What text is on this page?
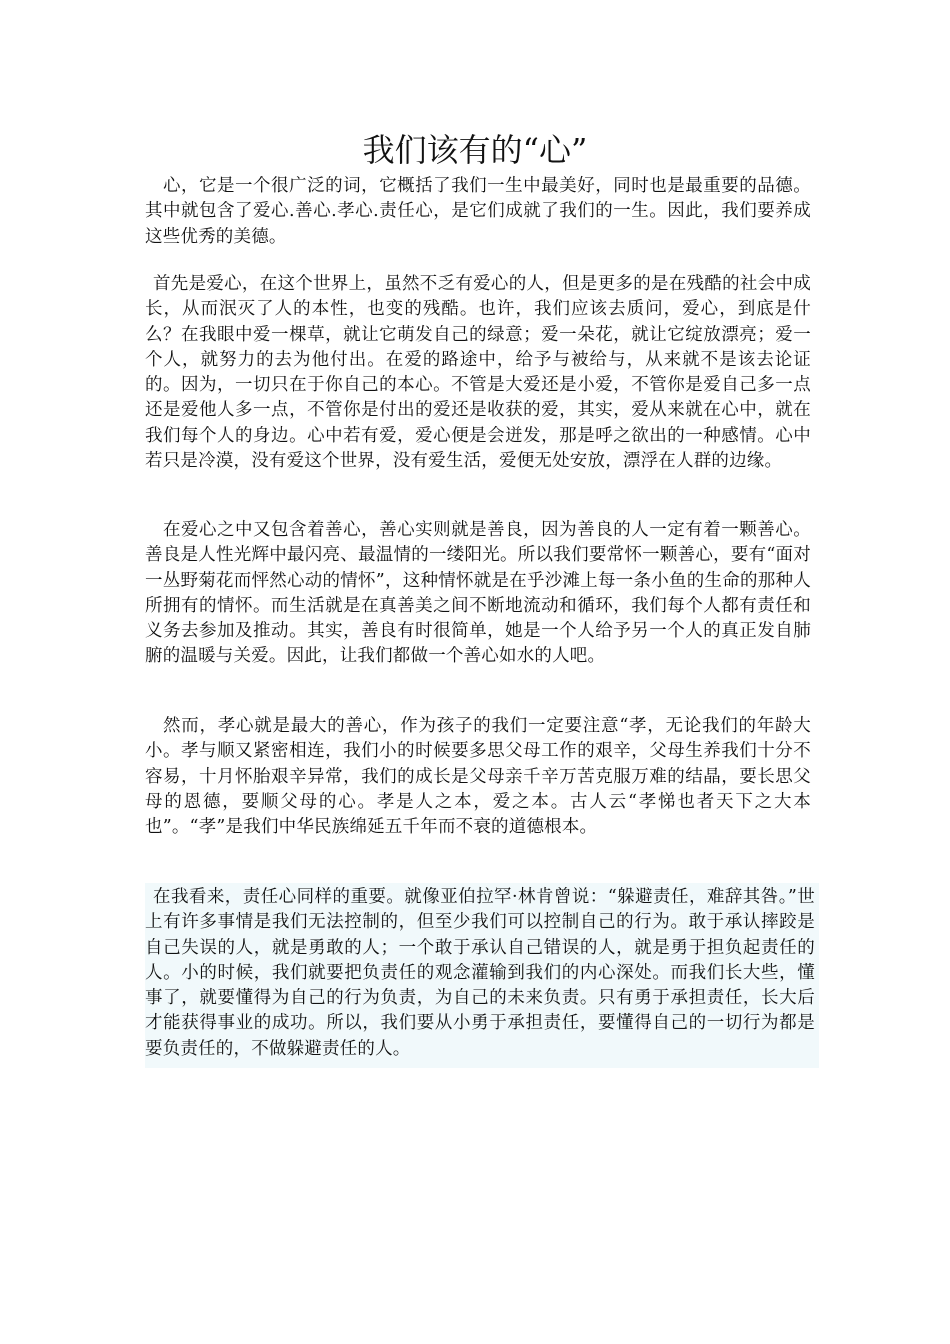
我们该有的“心”

心，它是一个很广泛的词，它概括了我们一生中最美好，同时也是最重要的品德。其中就包含了爱心.善心.孝心.责任心，是它们成就了我们的一生。因此，我们要养成这些优秀的美德。

首先是爱心，在这个世界上，虽然不乏有爱心的人，但是更多的是在残酷的社会中成长，从而泯灭了人的本性，也变的残酷。也许，我们应该去质问，爱心，到底是什么？在我眼中爱一棵草，就让它萌发自己的绿意；爱一朵花，就让它绽放漂亮；爱一个人，就努力的去为他付出。在爱的路途中，给予与被给与，从来就不是该去论证的。因为，一切只在于你自己的本心。不管是大爱还是小爱，不管你是爱自己多一点还是爱他人多一点，不管你是付出的爱还是收获的爱，其实，爱从来就在心中，就在我们每个人的身边。心中若有爱，爱心便是会迸发，那是呼之欲出的一种感情。心中若只是冷漠，没有爱这个世界，没有爱生活，爱便无处安放，漂浮在人群的边缘。

在爱心之中又包含着善心，善心实则就是善良，因为善良的人一定有着一颗善心。善良是人性光辉中最闪亮、最温情的一缕阳光。所以我们要常怀一颗善心，要有“面对一丛野菊花而怦然心动的情怀”，这种情怀就是在乎沙滩上每一条小鱼的生命的那种人所拥有的情怀。而生活就是在真善美之间不断地流动和循环，我们每个人都有责任和义务去参加及推动。其实，善良有时很简单，她是一个人给予另一个人的真正发自肺腑的温暖与关爱。因此，让我们都做一个善心如水的人吧。

然而，孝心就是最大的善心，作为孩子的我们一定要注意“孝，无论我们的年龄大小。孝与顺又紧密相连，我们小的时候要多思父母工作的艰辛，父母生养我们十分不容易，十月怀胎艰辛异常，我们的成长是父母亲千辛万苦克服万难的结晶，要长思父母的恩德，要顺父母的心。孝是人之本，爱之本。古人云“孝悌也者天下之大本也”。“孝”是我们中华民族绵延五千年而不衰的道德根本。

在我看来，责任心同样的重要。就像亚伯拉罕·林肯曾说：“躲避责任，难辞其咎。”世上有许多事情是我们无法控制的，但至少我们可以控制自己的行为。敢于承认摔跤是自己失误的人，就是勇敢的人；一个敢于承认自己错误的人，就是勇于担负起责任的人。小的时候，我们就要把负责任的观念灌输到我们的内心深处。而我们长大些，懂事了，就要懂得为自己的行为负责，为自己的未来负责。只有勇于承担责任，长大后才能获得事业的成功。所以，我们要从小勇于承担责任，要懂得自己的一切行为都是要负责任的，不做躲避责任的人。
